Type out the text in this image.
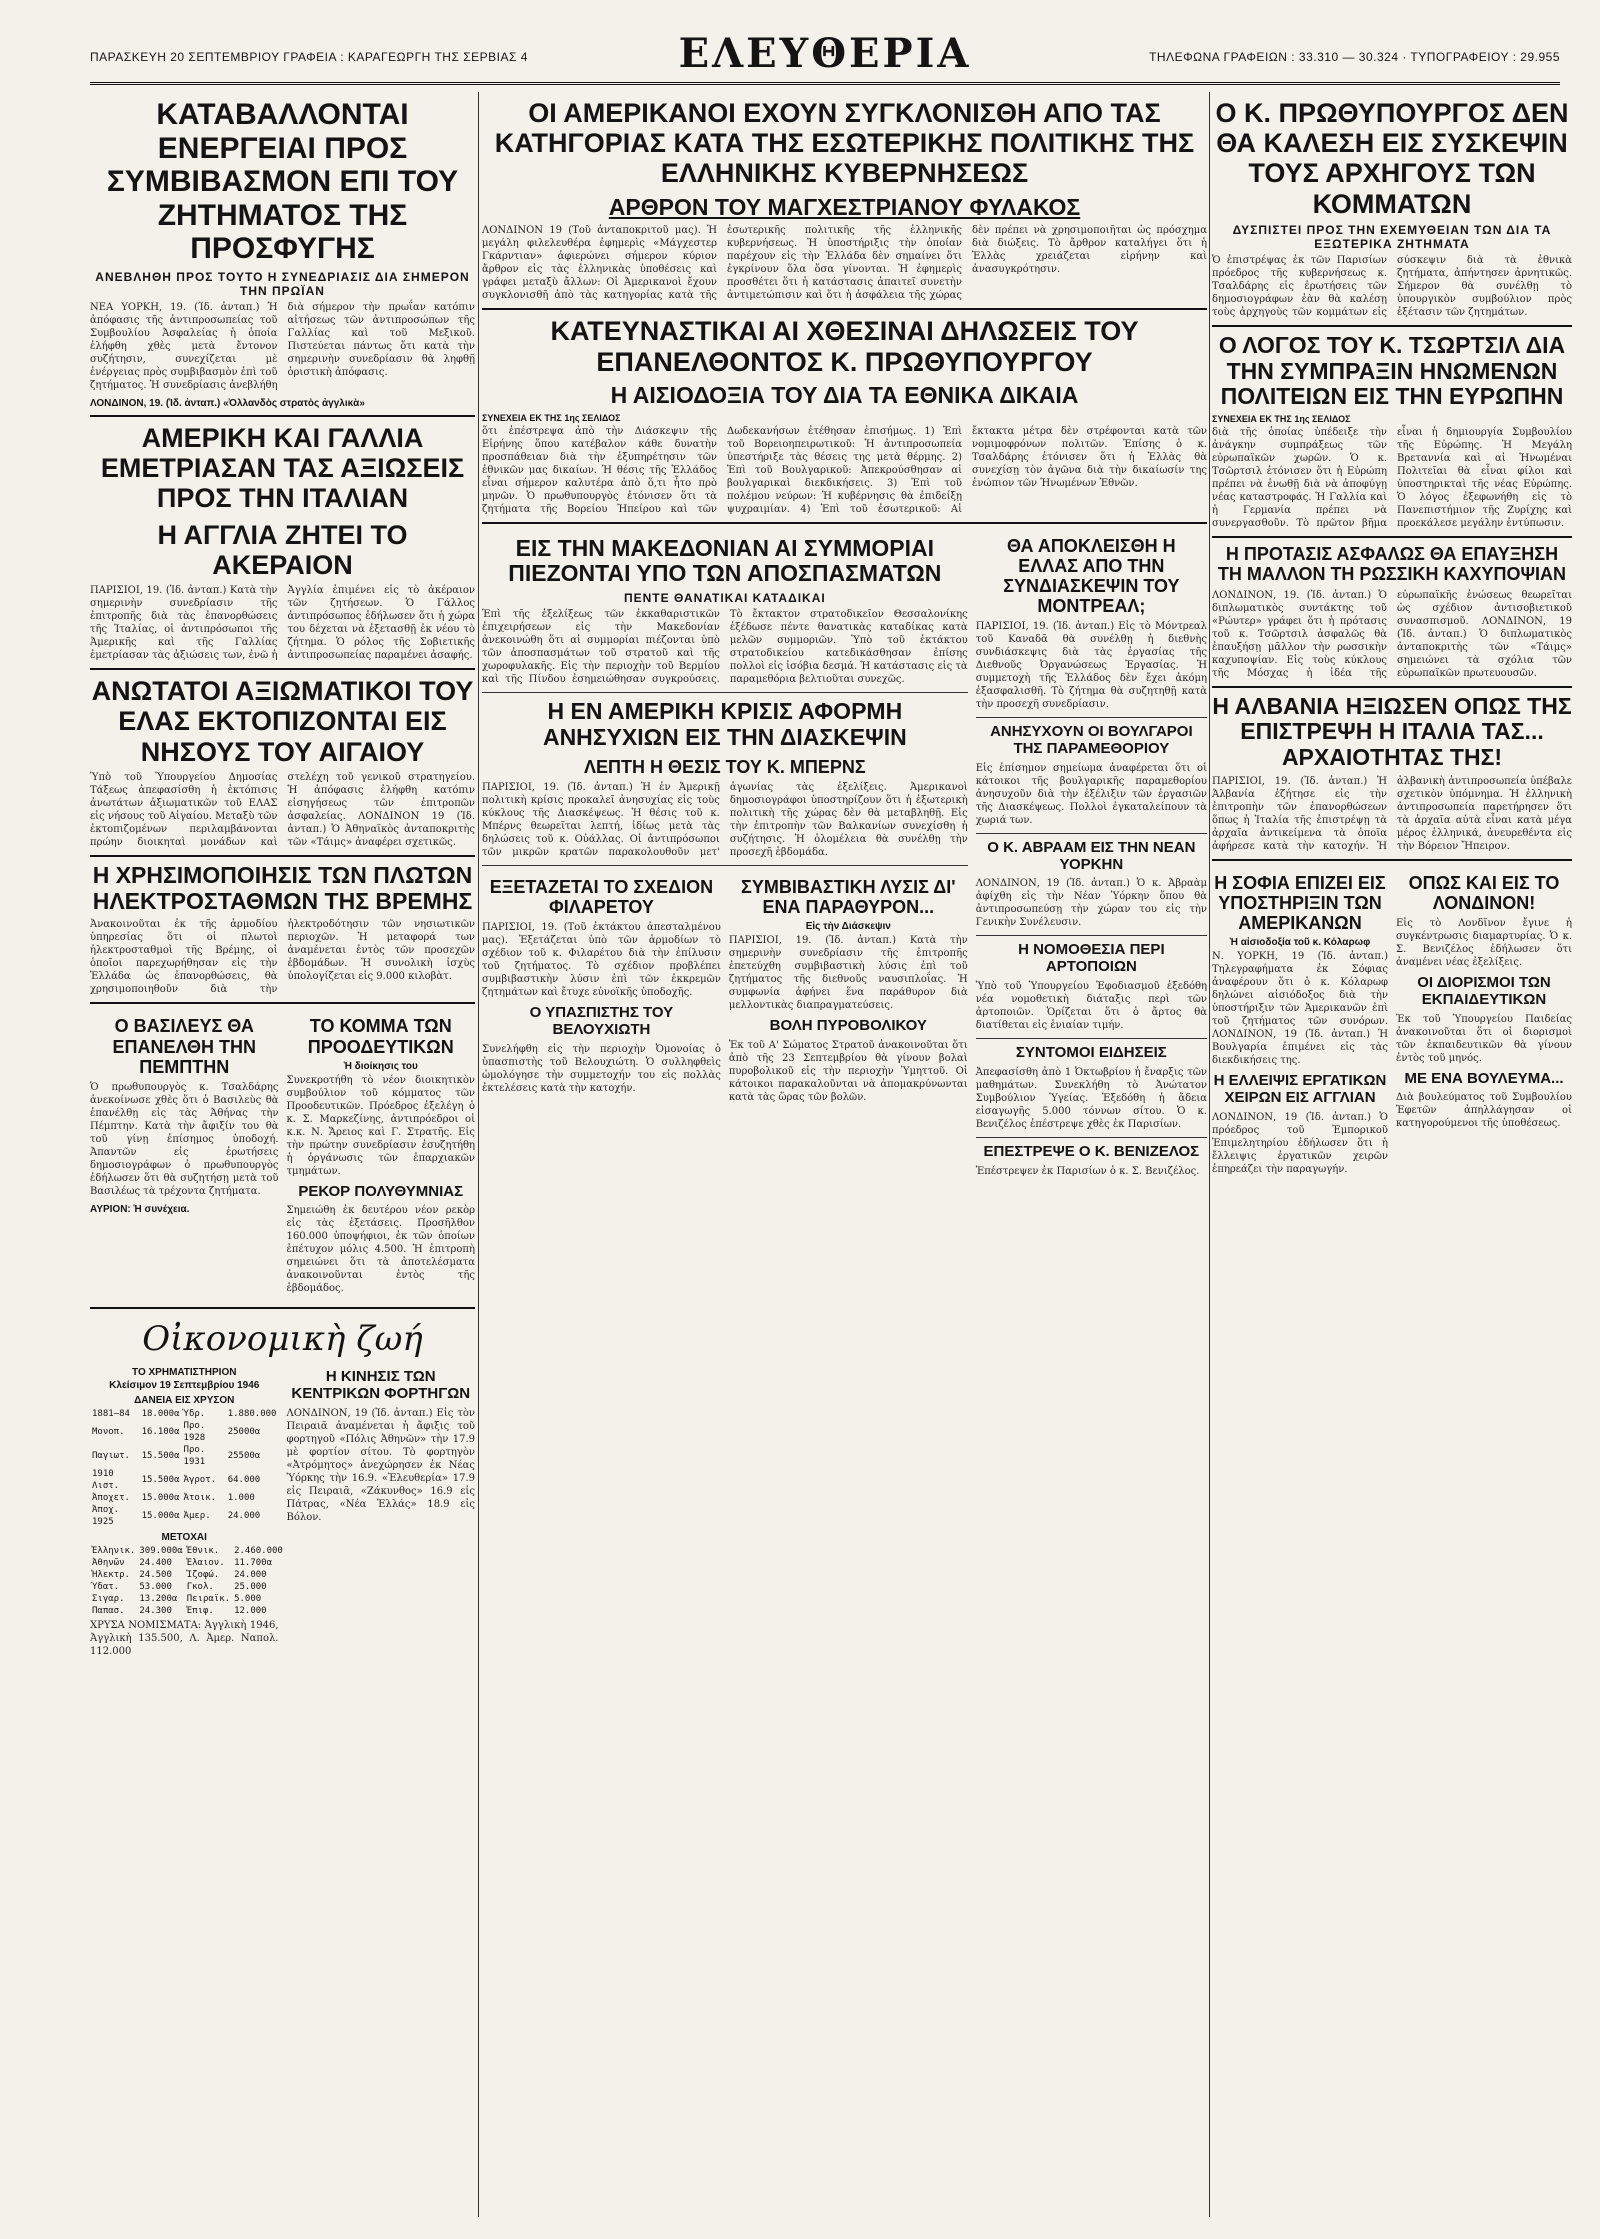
ΠΑΡΑΣΚΕΥΗ 20 ΣΕΠΤΕΜΒΡΙΟΥ ΓΡΑΦΕΙΑ : ΚΑΡΑΓΕΩΡΓΗ ΤΗΣ ΣΕΡΒΙΑΣ 4	ΕΛΕΥΘΕΡΙΑ	ΤΗΛΕΦΩΝΑ ΓΡΑΦΕΙΩΝ : 33.310 — 30.324 · ΤΥΠΟΓΡΑΦΕΙΟΥ : 29.955
ΚΑΤΑΒΑΛΛΟΝΤΑΙ ΕΝΕΡΓΕΙΑΙ ΠΡΟΣ ΣΥΜΒΙΒΑΣΜΟΝ ΕΠΙ ΤΟΥ ΖΗΤΗΜΑΤΟΣ ΤΗΣ ΠΡΟΣΦΥΓΗΣ
ΑΝΕΒΛΗΘΗ ΠΡΟΣ ΤΟΥΤΟ Η ΣΥΝΕΔΡΙΑΣΙΣ ΔΙΑ ΣΗΜΕΡΟΝ ΤΗΝ ΠΡΩΪΑΝ
ΝΕΑ ΥΟΡΚΗ, 19. (Ίδ. ἀνταπ.) Ἡ ἀπόφασις τῆς ἀντιπροσωπείας τοῦ Συμβουλίου Ἀσφαλείας ἡ ὁποία ἐλήφθη χθὲς μετὰ ἔντονον συζήτησιν, συνεχίζεται μὲ ἐνέργειας πρὸς συμβιβασμὸν ἐπὶ τοῦ ζητήματος. Ἡ συνεδρίασις ἀνεβλήθη διὰ σήμερον τὴν πρωΐαν κατόπιν αἰτήσεως τῶν ἀντιπροσώπων τῆς Γαλλίας καὶ τοῦ Μεξικοῦ. Πιστεύεται πάντως ὅτι κατὰ τὴν σημερινὴν συνεδρίασιν θὰ ληφθῇ ὁριστικὴ ἀπόφασις.
ΛΟΝΔΙΝΟΝ, 19. (Ἰδ. ἀνταπ.) «Ὀλλανδὸς στρατὸς ἀγγλικὰ»
ΑΜΕΡΙΚΗ ΚΑΙ ΓΑΛΛΙΑ ΕΜΕΤΡΙΑΣΑΝ ΤΑΣ ΑΞΙΩΣΕΙΣ ΠΡΟΣ ΤΗΝ ΙΤΑΛΙΑΝ
Η ΑΓΓΛΙΑ ΖΗΤΕΙ ΤΟ ΑΚΕΡΑΙΟΝ
ΠΑΡΙΣΙΟΙ, 19. (Ἰδ. ἀνταπ.) Κατὰ τὴν σημερινὴν συνεδρίασιν τῆς ἐπιτροπῆς διὰ τὰς ἐπανορθώσεις τῆς Ἰταλίας, οἱ ἀντιπρόσωποι τῆς Ἀμερικῆς καὶ τῆς Γαλλίας ἐμετρίασαν τὰς ἀξιώσεις των, ἐνῶ ἡ Ἀγγλία ἐπιμένει εἰς τὸ ἀκέραιον τῶν ζητήσεων. Ὁ Γάλλος ἀντιπρόσωπος ἐδήλωσεν ὅτι ἡ χώρα του δέχεται νὰ ἐξετασθῇ ἐκ νέου τὸ ζήτημα. Ὁ ρόλος τῆς Σοβιετικῆς ἀντιπροσωπείας παραμένει ἀσαφής.
ΑΝΩΤΑΤΟΙ ΑΞΙΩΜΑΤΙΚΟΙ ΤΟΥ ΕΛΑΣ ΕΚΤΟΠΙΖΟΝΤΑΙ ΕΙΣ ΝΗΣΟΥΣ ΤΟΥ ΑΙΓΑΙΟΥ
Ὑπὸ τοῦ Ὑπουργείου Δημοσίας Τάξεως ἀπεφασίσθη ἡ ἐκτόπισις ἀνωτάτων ἀξιωματικῶν τοῦ ΕΛΑΣ εἰς νήσους τοῦ Αἰγαίου. Μεταξὺ τῶν ἐκτοπιζομένων περιλαμβάνονται πρώην διοικηταὶ μονάδων καὶ στελέχη τοῦ γενικοῦ στρατηγείου. Ἡ ἀπόφασις ἐλήφθη κατόπιν εἰσηγήσεως τῶν ἐπιτροπῶν ἀσφαλείας. ΛΟΝΔΙΝΟΝ 19 (Ἰδ. ἀνταπ.) Ὁ Ἀθηναϊκὸς ἀνταποκριτὴς τῶν «Τάιμς» ἀναφέρει σχετικῶς.
Η ΧΡΗΣΙΜΟΠΟΙΗΣΙΣ ΤΩΝ ΠΛΩΤΩΝ ΗΛΕΚΤΡΟΣΤΑΘΜΩΝ ΤΗΣ ΒΡΕΜΗΣ
Ἀνακοινοῦται ἐκ τῆς ἁρμοδίου ὑπηρεσίας ὅτι οἱ πλωτοὶ ἠλεκτροσταθμοὶ τῆς Βρέμης, οἱ ὁποῖοι παρεχωρήθησαν εἰς τὴν Ἑλλάδα ὡς ἐπανορθώσεις, θὰ χρησιμοποιηθοῦν διὰ τὴν ἠλεκτροδότησιν τῶν νησιωτικῶν περιοχῶν. Ἡ μεταφορά των ἀναμένεται ἐντὸς τῶν προσεχῶν ἑβδομάδων. Ἡ συνολικὴ ἰσχὺς ὑπολογίζεται εἰς 9.000 κιλοβὰτ.
Ο ΒΑΣΙΛΕΥΣ ΘΑ ΕΠΑΝΕΛΘΗ ΤΗΝ ΠΕΜΠΤΗΝ
Ὁ πρωθυπουργὸς κ. Τσαλδάρης ἀνεκοίνωσε χθὲς ὅτι ὁ Βασιλεὺς θὰ ἐπανέλθῃ εἰς τὰς Ἀθήνας τὴν Πέμπτην. Κατὰ τὴν ἄφιξίν του θὰ τοῦ γίνῃ ἐπίσημος ὑποδοχή. Ἀπαντῶν εἰς ἐρωτήσεις δημοσιογράφων ὁ πρωθυπουργὸς ἐδήλωσεν ὅτι θὰ συζητήσῃ μετὰ τοῦ Βασιλέως τὰ τρέχοντα ζητήματα.
ΑΥΡΙΟΝ: Ἡ συνέχεια.
ΤΟ ΚΟΜΜΑ ΤΩΝ ΠΡΟΟΔΕΥΤΙΚΩΝ
Ἡ διοίκησις του
Συνεκροτήθη τὸ νέον διοικητικὸν συμβούλιον τοῦ κόμματος τῶν Προοδευτικῶν. Πρόεδρος ἐξελέγη ὁ κ. Σ. Μαρκεζίνης, ἀντιπρόεδροι οἱ κ.κ. Ν. Ἄρειος καὶ Γ. Στρατῆς. Εἰς τὴν πρώτην συνεδρίασιν ἐσυζητήθη ἡ ὀργάνωσις τῶν ἐπαρχιακῶν τμημάτων.
ΡΕΚΟΡ ΠΟΛΥΘΥΜΝΙΑΣ
Σημειώθη ἐκ δευτέρου νέον ρεκὸρ εἰς τὰς ἐξετάσεις. Προσῆλθον 160.000 ὑποψήφιοι, ἐκ τῶν ὁποίων ἐπέτυχον μόλις 4.500. Ἡ ἐπιτροπὴ σημειώνει ὅτι τὰ ἀποτελέσματα ἀνακοινοῦνται ἐντὸς τῆς ἑβδομάδος.
Οἰκονομικὴ ζωή
ΤΟ ΧΡΗΜΑΤΙΣΤΗΡΙΟΝ
Κλείσιμον 19 Σεπτεμβρίου 1946
ΔΑΝΕΙΑ ΕΙΣ ΧΡΥΣΟΝ
1881—84	18.000α	Ὑδρ.	1.880.000
Μονοπ.	16.100α	Προ. 1928	25000α
Παγιωτ.	15.500α	Προ. 1931	25500α
1910 Λιστ.	15.500α	Ἀγροτ.	64.000
Ἀποχετ.	15.000α	Ἀτοικ.	1.000
Ἀποχ. 1925	15.000α	Ἀμερ.	24.000
ΜΕΤΟΧΑΙ
Ἐλληνικ.	309.000α	Ἐθνικ.	2.460.000
Ἀθηνῶν	24.400	Ἐλαιον.	11.700α
Ἠλεκτρ.	24.500	Ἰζοφώ.	24.000
Ὕδατ.	53.000	Γκολ.	25.000
Σιγαρ.	13.200α	Πειραϊκ.	5.000
Παπασ.	24.300	Ἐπιφ.	12.000
ΧΡΥΣΑ ΝΟΜΙΣΜΑΤΑ: Ἀγγλικὴ 1946, Ἀγγλικὴ 135.500, Λ. Ἀμερ. Ναπολ. 112.000
Η ΚΙΝΗΣΙΣ ΤΩΝ ΚΕΝΤΡΙΚΩΝ ΦΟΡΤΗΓΩΝ
ΛΟΝΔΙΝΟΝ, 19 (Ἰδ. ἀνταπ.) Εἰς τὸν Πειραιᾶ ἀναμένεται ἡ ἄφιξις τοῦ φορτηγοῦ «Πόλις Ἀθηνῶν» τὴν 17.9 μὲ φορτίον σίτου. Τὸ φορτηγὸν «Ἀτρόμητος» ἀνεχώρησεν ἐκ Νέας Ὑόρκης τὴν 16.9. «Ἐλευθερία» 17.9 εἰς Πειραιᾶ, «Ζάκυνθος» 16.9 εἰς Πάτρας, «Νέα Ἑλλάς» 18.9 εἰς Βόλον.
ΟΙ ΑΜΕΡΙΚΑΝΟΙ ΕΧΟΥΝ ΣΥΓΚΛΟΝΙΣΘΗ ΑΠΟ ΤΑΣ ΚΑΤΗΓΟΡΙΑΣ ΚΑΤΑ ΤΗΣ ΕΣΩΤΕΡΙΚΗΣ ΠΟΛΙΤΙΚΗΣ ΤΗΣ ΕΛΛΗΝΙΚΗΣ ΚΥΒΕΡΝΗΣΕΩΣ
ΑΡΘΡΟΝ ΤΟΥ ΜΑΓΧΕΣΤΡΙΑΝΟΥ ΦΥΛΑΚΟΣ
ΛΟΝΔΙΝΟΝ 19 (Τοῦ ἀνταποκριτοῦ μας). Ἡ μεγάλη φιλελευθέρα ἐφημερὶς «Μάγχεστερ Γκάρντιαν» ἀφιερώνει σήμερον κύριον ἄρθρον εἰς τὰς ἑλληνικὰς ὑποθέσεις καὶ γράφει μεταξὺ ἄλλων: Οἱ Ἀμερικανοὶ ἔχουν συγκλονισθῆ ἀπὸ τὰς κατηγορίας κατὰ τῆς ἐσωτερικῆς πολιτικῆς τῆς ἑλληνικῆς κυβερνήσεως. Ἡ ὑποστήριξις τὴν ὁποίαν παρέχουν εἰς τὴν Ἑλλάδα δὲν σημαίνει ὅτι ἐγκρίνουν ὅλα ὅσα γίνονται. Ἡ ἐφημερὶς προσθέτει ὅτι ἡ κατάστασις ἀπαιτεῖ συνετὴν ἀντιμετώπισιν καὶ ὅτι ἡ ἀσφάλεια τῆς χώρας δὲν πρέπει νὰ χρησιμοποιῆται ὡς πρόσχημα διὰ διώξεις. Τὸ ἄρθρον καταλήγει ὅτι ἡ Ἑλλὰς χρειάζεται εἰρήνην καὶ ἀνασυγκρότησιν.
ΚΑΤΕΥΝΑΣΤΙΚΑΙ ΑΙ ΧΘΕΣΙΝΑΙ ΔΗΛΩΣΕΙΣ ΤΟΥ ΕΠΑΝΕΛΘΟΝΤΟΣ Κ. ΠΡΩΘΥΠΟΥΡΓΟΥ
Η ΑΙΣΙΟΔΟΞΙΑ ΤΟΥ ΔΙΑ ΤΑ ΕΘΝΙΚΑ ΔΙΚΑΙΑ
ΣΥΝΕΧΕΙΑ ΕΚ ΤΗΣ 1ης ΣΕΛΙΔΟΣ
ὅτι ἐπέστρεψα ἀπὸ τὴν Διάσκεψιν τῆς Εἰρήνης ὅπου κατέβαλον κάθε δυνατὴν προσπάθειαν διὰ τὴν ἐξυπηρέτησιν τῶν ἐθνικῶν μας δικαίων. Ἡ θέσις τῆς Ἑλλάδος εἶναι σήμερον καλυτέρα ἀπὸ ὅ,τι ἦτο πρὸ μηνῶν. Ὁ πρωθυπουργὸς ἐτόνισεν ὅτι τὰ ζητήματα τῆς Βορείου Ἠπείρου καὶ τῶν Δωδεκανήσων ἐτέθησαν ἐπισήμως. 1) Ἐπὶ τοῦ Βορειοηπειρωτικοῦ: Ἡ ἀντιπροσωπεία ὑπεστήριξε τὰς θέσεις της μετὰ θέρμης. 2) Ἐπὶ τοῦ Βουλγαρικοῦ: Ἀπεκρούσθησαν αἱ βουλγαρικαὶ διεκδικήσεις. 3) Ἐπὶ τοῦ πολέμου νεύρων: Ἡ κυβέρνησις θὰ ἐπιδείξῃ ψυχραιμίαν. 4) Ἐπὶ τοῦ ἐσωτερικοῦ: Αἱ ἔκτακτα μέτρα δὲν στρέφονται κατὰ τῶν νομιμοφρόνων πολιτῶν. Ἐπίσης ὁ κ. Τσαλδάρης ἐτόνισεν ὅτι ἡ Ἑλλὰς θὰ συνεχίσῃ τὸν ἀγῶνα διὰ τὴν δικαίωσίν της ἐνώπιον τῶν Ἡνωμένων Ἐθνῶν.
ΕΙΣ ΤΗΝ ΜΑΚΕΔΟΝΙΑΝ ΑΙ ΣΥΜΜΟΡΙΑΙ ΠΙΕΖΟΝΤΑΙ ΥΠΟ ΤΩΝ ΑΠΟΣΠΑΣΜΑΤΩΝ
ΠΕΝΤΕ ΘΑΝΑΤΙΚΑΙ ΚΑΤΑΔΙΚΑΙ
Ἐπὶ τῆς ἐξελίξεως τῶν ἐκκαθαριστικῶν ἐπιχειρήσεων εἰς τὴν Μακεδονίαν ἀνεκοινώθη ὅτι αἱ συμμορίαι πιέζονται ὑπὸ τῶν ἀποσπασμάτων τοῦ στρατοῦ καὶ τῆς χωροφυλακῆς. Εἰς τὴν περιοχὴν τοῦ Βερμίου καὶ τῆς Πίνδου ἐσημειώθησαν συγκρούσεις. Τὸ ἔκτακτον στρατοδικεῖον Θεσσαλονίκης ἐξέδωσε πέντε θανατικὰς καταδίκας κατὰ μελῶν συμμοριῶν. Ὑπὸ τοῦ ἐκτάκτου στρατοδικείου κατεδικάσθησαν ἐπίσης πολλοὶ εἰς ἰσόβια δεσμά. Ἡ κατάστασις εἰς τὰ παραμεθόρια βελτιοῦται συνεχῶς.
Η ΕΝ ΑΜΕΡΙΚΗ ΚΡΙΣΙΣ ΑΦΟΡΜΗ ΑΝΗΣΥΧΙΩΝ ΕΙΣ ΤΗΝ ΔΙΑΣΚΕΨΙΝ
ΛΕΠΤΗ Η ΘΕΣΙΣ ΤΟΥ Κ. ΜΠΕΡΝΣ
ΠΑΡΙΣΙΟΙ, 19. (Ἰδ. ἀνταπ.) Ἡ ἐν Ἀμερικῇ πολιτικὴ κρίσις προκαλεῖ ἀνησυχίας εἰς τοὺς κύκλους τῆς Διασκέψεως. Ἡ θέσις τοῦ κ. Μπέρνς θεωρεῖται λεπτή, ἰδίως μετὰ τὰς δηλώσεις τοῦ κ. Οὐάλλας. Οἱ ἀντιπρόσωποι τῶν μικρῶν κρατῶν παρακολουθοῦν μετ' ἀγωνίας τὰς ἐξελίξεις. Ἀμερικανοὶ δημοσιογράφοι ὑποστηρίζουν ὅτι ἡ ἐξωτερικὴ πολιτικὴ τῆς χώρας δὲν θὰ μεταβληθῇ. Εἰς τὴν ἐπιτροπὴν τῶν Βαλκανίων συνεχίσθη ἡ συζήτησις. Ἡ ὁλομέλεια θὰ συνέλθῃ τὴν προσεχῆ ἑβδομάδα.
ΕΞΕΤΑΖΕΤΑΙ ΤΟ ΣΧΕΔΙΟΝ ΦΙΛΑΡΕΤΟΥ
ΠΑΡΙΣΙΟΙ, 19. (Τοῦ ἐκτάκτου ἀπεσταλμένου μας). Ἐξετάζεται ὑπὸ τῶν ἁρμοδίων τὸ σχέδιον τοῦ κ. Φιλαρέτου διὰ τὴν ἐπίλυσιν τοῦ ζητήματος. Τὸ σχέδιον προβλέπει συμβιβαστικὴν λύσιν ἐπὶ τῶν ἐκκρεμῶν ζητημάτων καὶ ἔτυχε εὐνοϊκῆς ὑποδοχῆς.
Ο ΥΠΑΣΠΙΣΤΗΣ ΤΟΥ ΒΕΛΟΥΧΙΩΤΗ
Συνελήφθη εἰς τὴν περιοχὴν Ὀμονοίας ὁ ὑπασπιστὴς τοῦ Βελουχιώτη. Ὁ συλληφθεὶς ὡμολόγησε τὴν συμμετοχήν του εἰς πολλὰς ἐκτελέσεις κατὰ τὴν κατοχήν.
ΣΥΜΒΙΒΑΣΤΙΚΗ ΛΥΣΙΣ ΔΙ' ΕΝΑ ΠΑΡΑΘΥΡΟΝ...
Εἰς τὴν Διάσκεψιν
ΠΑΡΙΣΙΟΙ, 19. (Ἰδ. ἀνταπ.) Κατὰ τὴν σημερινὴν συνεδρίασιν τῆς ἐπιτροπῆς ἐπετεύχθη συμβιβαστικὴ λύσις ἐπὶ τοῦ ζητήματος τῆς διεθνοῦς ναυσιπλοΐας. Ἡ συμφωνία ἀφήνει ἕνα παράθυρον διὰ μελλοντικὰς διαπραγματεύσεις.
ΒΟΛΗ ΠΥΡΟΒΟΛΙΚΟΥ
Ἐκ τοῦ Α' Σώματος Στρατοῦ ἀνακοινοῦται ὅτι ἀπὸ τῆς 23 Σεπτεμβρίου θὰ γίνουν βολαὶ πυροβολικοῦ εἰς τὴν περιοχὴν Ὑμηττοῦ. Οἱ κάτοικοι παρακαλοῦνται νὰ ἀπομακρύνωνται κατὰ τὰς ὥρας τῶν βολῶν.
ΘΑ ΑΠΟΚΛΕΙΣΘΗ Η ΕΛΛΑΣ ΑΠΟ ΤΗΝ ΣΥΝΔΙΑΣΚΕΨΙΝ ΤΟΥ ΜΟΝΤΡΕΑΛ;
ΠΑΡΙΣΙΟΙ, 19. (Ἰδ. ἀνταπ.) Εἰς τὸ Μόντρεαλ τοῦ Καναδᾶ θὰ συνέλθῃ ἡ διεθνὴς συνδιάσκεψις διὰ τὰς ἐργασίας τῆς Διεθνοῦς Ὀργανώσεως Ἐργασίας. Ἡ συμμετοχὴ τῆς Ἑλλάδος δὲν ἔχει ἀκόμη ἐξασφαλισθῆ. Τὸ ζήτημα θὰ συζητηθῇ κατὰ τὴν προσεχῆ συνεδρίασιν.
ΑΝΗΣΥΧΟΥΝ ΟΙ ΒΟΥΛΓΑΡΟΙ ΤΗΣ ΠΑΡΑΜΕΘΟΡΙΟΥ
Εἰς ἐπίσημον σημείωμα ἀναφέρεται ὅτι οἱ κάτοικοι τῆς βουλγαρικῆς παραμεθορίου ἀνησυχοῦν διὰ τὴν ἐξέλιξιν τῶν ἐργασιῶν τῆς Διασκέψεως. Πολλοὶ ἐγκαταλείπουν τὰ χωριά των.
Ο Κ. ΑΒΡΑΑΜ ΕΙΣ ΤΗΝ ΝΕΑΝ ΥΟΡΚΗΝ
ΛΟΝΔΙΝΟΝ, 19 (Ἰδ. ἀνταπ.) Ὁ κ. Ἀβραὰμ ἀφίχθη εἰς τὴν Νέαν Ὑόρκην ὅπου θὰ ἀντιπροσωπεύσῃ τὴν χώραν του εἰς τὴν Γενικὴν Συνέλευσιν.
Η ΝΟΜΟΘΕΣΙΑ ΠΕΡΙ ΑΡΤΟΠΟΙΩΝ
Ὑπὸ τοῦ Ὑπουργείου Ἐφοδιασμοῦ ἐξεδόθη νέα νομοθετικὴ διάταξις περὶ τῶν ἀρτοποιῶν. Ὁρίζεται ὅτι ὁ ἄρτος θὰ διατίθεται εἰς ἑνιαίαν τιμήν.
ΣΥΝΤΟΜΟΙ ΕΙΔΗΣΕΙΣ
Ἀπεφασίσθη ἀπὸ 1 Ὀκτωβρίου ἡ ἔναρξις τῶν μαθημάτων. Συνεκλήθη τὸ Ἀνώτατον Συμβούλιον Ὑγείας. Ἐξεδόθη ἡ ἄδεια εἰσαγωγῆς 5.000 τόννων σίτου. Ὁ κ. Βενιζέλος ἐπέστρεψε χθὲς ἐκ Παρισίων.
ΕΠΕΣΤΡΕΨΕ Ο Κ. ΒΕΝΙΖΕΛΟΣ
Ἐπέστρεψεν ἐκ Παρισίων ὁ κ. Σ. Βενιζέλος.
Ο Κ. ΠΡΩΘΥΠΟΥΡΓΟΣ ΔΕΝ ΘΑ ΚΑΛΕΣΗ ΕΙΣ ΣΥΣΚΕΨΙΝ ΤΟΥΣ ΑΡΧΗΓΟΥΣ ΤΩΝ ΚΟΜΜΑΤΩΝ
ΔΥΣΠΙΣΤΕΙ ΠΡΟΣ ΤΗΝ ΕΧΕΜΥΘΕΙΑΝ ΤΩΝ ΔΙΑ ΤΑ ΕΞΩΤΕΡΙΚΑ ΖΗΤΗΜΑΤΑ
Ὁ ἐπιστρέψας ἐκ τῶν Παρισίων πρόεδρος τῆς κυβερνήσεως κ. Τσαλδάρης εἰς ἐρωτήσεις τῶν δημοσιογράφων ἐὰν θὰ καλέσῃ τοὺς ἀρχηγοὺς τῶν κομμάτων εἰς σύσκεψιν διὰ τὰ ἐθνικὰ ζητήματα, ἀπήντησεν ἀρνητικῶς. Σήμερον θὰ συνέλθῃ τὸ ὑπουργικὸν συμβούλιον πρὸς ἐξέτασιν τῶν ζητημάτων.
Ο ΛΟΓΟΣ ΤΟΥ Κ. ΤΣΩΡΤΣΙΛ ΔΙΑ ΤΗΝ ΣΥΜΠΡΑΞΙΝ ΗΝΩΜΕΝΩΝ ΠΟΛΙΤΕΙΩΝ ΕΙΣ ΤΗΝ ΕΥΡΩΠΗΝ
ΣΥΝΕΧΕΙΑ ΕΚ ΤΗΣ 1ης ΣΕΛΙΔΟΣ
διὰ τῆς ὁποίας ὑπέδειξε τὴν ἀνάγκην συμπράξεως τῶν εὐρωπαϊκῶν χωρῶν. Ὁ κ. Τσῶρτσιλ ἐτόνισεν ὅτι ἡ Εὐρώπη πρέπει νὰ ἑνωθῇ διὰ νὰ ἀποφύγῃ νέας καταστροφάς. Ἡ Γαλλία καὶ ἡ Γερμανία πρέπει νὰ συνεργασθοῦν. Τὸ πρῶτον βῆμα εἶναι ἡ δημιουργία Συμβουλίου τῆς Εὐρώπης. Ἡ Μεγάλη Βρεταννία καὶ αἱ Ἡνωμέναι Πολιτεῖαι θὰ εἶναι φίλοι καὶ ὑποστηρικταὶ τῆς νέας Εὐρώπης. Ὁ λόγος ἐξεφωνήθη εἰς τὸ Πανεπιστήμιον τῆς Ζυρίχης καὶ προεκάλεσε μεγάλην ἐντύπωσιν.
Η ΠΡΟΤΑΣΙΣ ΑΣΦΑΛΩΣ ΘΑ ΕΠΑΥΞΗΣΗ ΤΗ ΜΑΛΛΟΝ ΤΗ ΡΩΣΣΙΚΗ ΚΑΧΥΠΟΨΙΑΝ
ΛΟΝΔΙΝΟΝ, 19. (Ἰδ. ἀνταπ.) Ὁ διπλωματικὸς συντάκτης τοῦ «Ρώυτερ» γράφει ὅτι ἡ πρότασις τοῦ κ. Τσῶρτσιλ ἀσφαλῶς θὰ ἐπαυξήσῃ μᾶλλον τὴν ρωσσικὴν καχυποψίαν. Εἰς τοὺς κύκλους τῆς Μόσχας ἡ ἰδέα τῆς εὐρωπαϊκῆς ἑνώσεως θεωρεῖται ὡς σχέδιον ἀντισοβιετικοῦ συνασπισμοῦ. ΛΟΝΔΙΝΟΝ, 19 (Ἰδ. ἀνταπ.) Ὁ διπλωματικὸς ἀνταποκριτὴς τῶν «Τάιμς» σημειώνει τὰ σχόλια τῶν εὐρωπαϊκῶν πρωτευουσῶν.
Η ΑΛΒΑΝΙΑ ΗΞΙΩΣΕΝ ΟΠΩΣ ΤΗΣ ΕΠΙΣΤΡΕΨΗ Η ΙΤΑΛΙΑ ΤΑΣ... ΑΡΧΑΙΟΤΗΤΑΣ ΤΗΣ!
ΠΑΡΙΣΙΟΙ, 19. (Ἰδ. ἀνταπ.) Ἡ Ἀλβανία ἐζήτησε εἰς τὴν ἐπιτροπὴν τῶν ἐπανορθώσεων ὅπως ἡ Ἰταλία τῆς ἐπιστρέψῃ τὰ ἀρχαῖα ἀντικείμενα τὰ ὁποῖα ἀφήρεσε κατὰ τὴν κατοχήν. Ἡ ἀλβανικὴ ἀντιπροσωπεία ὑπέβαλε σχετικὸν ὑπόμνημα. Ἡ ἑλληνικὴ ἀντιπροσωπεία παρετήρησεν ὅτι τὰ ἀρχαῖα αὐτὰ εἶναι κατὰ μέγα μέρος ἑλληνικά, ἀνευρεθέντα εἰς τὴν Βόρειον Ἤπειρον.
Η ΣΟΦΙΑ ΕΠΙΖΕΙ ΕΙΣ ΥΠΟΣΤΗΡΙΞΙΝ ΤΩΝ ΑΜΕΡΙΚΑΝΩΝ
Ἡ αἰσιοδοξία τοῦ κ. Κόλαρωφ
Ν. ΥΟΡΚΗ, 19 (Ἰδ. ἀνταπ.) Τηλεγραφήματα ἐκ Σόφιας ἀναφέρουν ὅτι ὁ κ. Κόλαρωφ δηλώνει αἰσιόδοξος διὰ τὴν ὑποστήριξιν τῶν Ἀμερικανῶν ἐπὶ τοῦ ζητήματος τῶν συνόρων. ΛΟΝΔΙΝΟΝ, 19 (Ἰδ. ἀνταπ.) Ἡ Βουλγαρία ἐπιμένει εἰς τὰς διεκδικήσεις της.
Η ΕΛΛΕΙΨΙΣ ΕΡΓΑΤΙΚΩΝ ΧΕΙΡΩΝ ΕΙΣ ΑΓΓΛΙΑΝ
ΛΟΝΔΙΝΟΝ, 19 (Ἰδ. ἀνταπ.) Ὁ πρόεδρος τοῦ Ἐμπορικοῦ Ἐπιμελητηρίου ἐδήλωσεν ὅτι ἡ ἔλλειψις ἐργατικῶν χειρῶν ἐπηρεάζει τὴν παραγωγήν.
ΟΠΩΣ ΚΑΙ ΕΙΣ ΤΟ ΛΟΝΔΙΝΟΝ!
Εἰς τὸ Λονδῖνον ἔγινε ἡ συγκέντρωσις διαμαρτυρίας. Ὁ κ. Σ. Βενιζέλος ἐδήλωσεν ὅτι ἀναμένει νέας ἐξελίξεις.
ΟΙ ΔΙΟΡΙΣΜΟΙ ΤΩΝ ΕΚΠΑΙΔΕΥΤΙΚΩΝ
Ἐκ τοῦ Ὑπουργείου Παιδείας ἀνακοινοῦται ὅτι οἱ διορισμοὶ τῶν ἐκπαιδευτικῶν θὰ γίνουν ἐντὸς τοῦ μηνός.
ΜΕ ΕΝΑ ΒΟΥΛΕΥΜΑ...
Διὰ βουλεύματος τοῦ Συμβουλίου Ἐφετῶν ἀπηλλάγησαν οἱ κατηγορούμενοι τῆς ὑποθέσεως.
